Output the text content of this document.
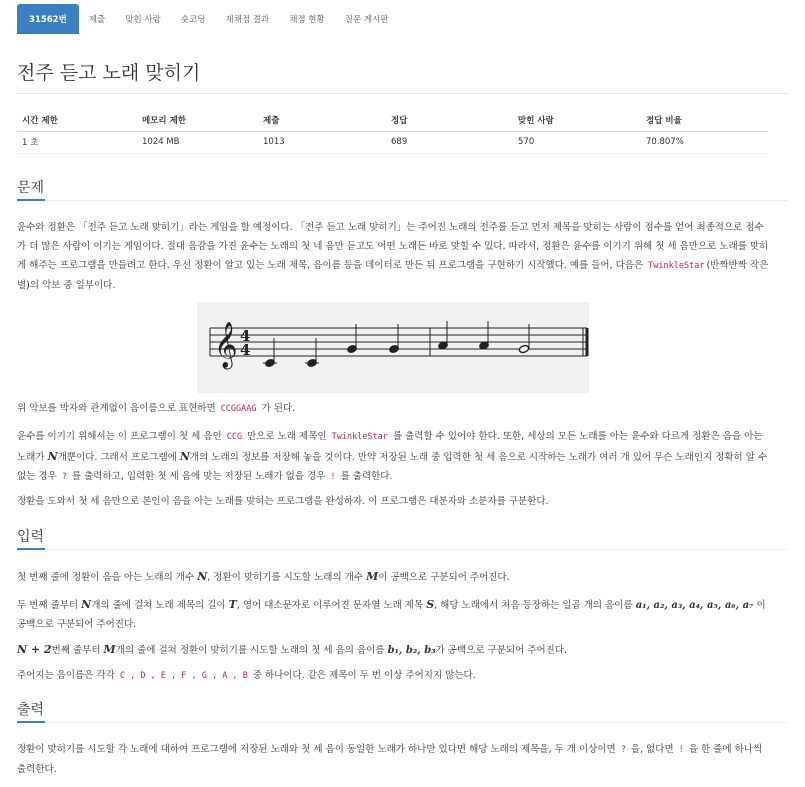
31562번	제출	맞힌 사람	숏코딩	재채점 결과	채점 현황	질문 게시판
전주 듣고 노래 맞히기
시간 제한	메모리 제한	제출	정답	맞힌 사람	정답 비율
1 초	1024 MB	1013	689	570	70.807%
문제
윤수와 정환은 「전주 듣고 노래 맞히기」라는 게임을 할 예정이다. 「전주 듣고 노래 맞히기」는 주어진 노래의 전주를 듣고 먼저 제목을 맞히는 사람이 점수를 얻어 최종적으로 점수가 더 많은 사람이 이기는 게임이다. 절대 음감을 가진 윤수는 노래의 첫 네 음만 듣고도 어떤 노래든 바로 맞힐 수 있다. 따라서, 정환은 윤수를 이기기 위해 첫 세 음만으로 노래를 맞히게 해주는 프로그램을 만들려고 한다. 우선 정환이 알고 있는 노래 제목, 음이름 등을 데이터로 만든 뒤 프로그램을 구현하기 시작했다. 예를 들어, 다음은 TwinkleStar (반짝반짝 작은 별)의 악보 중 일부이다.
𝄞 4
4
위 악보를 박자와 관계없이 음이름으로 표현하면 CCGGAAG 가 된다.
윤수를 이기기 위해서는 이 프로그램이 첫 세 음인 CCG 만으로 노래 제목인 TwinkleStar 를 출력할 수 있어야 한다. 또한, 세상의 모든 노래를 아는 윤수와 다르게 정환은 음을 아는 노래가 N개뿐이다. 그래서 프로그램에 N개의 노래의 정보를 저장해 놓을 것이다. 만약 저장된 노래 중 입력한 첫 세 음으로 시작하는 노래가 여러 개 있어 무슨 노래인지 정확히 알 수 없는 경우 ? 를 출력하고, 입력한 첫 세 음에 맞는 저장된 노래가 없을 경우 ! 를 출력한다.
정환을 도와서 첫 세 음만으로 본인이 음을 아는 노래를 맞히는 프로그램을 완성하자. 이 프로그램은 대분자와 소분자를 구분한다.
입력
첫 번째 줄에 정환이 음을 아는 노래의 개수 N, 정환이 맞히기를 시도할 노래의 개수 M이 공백으로 구분되어 주어진다.
두 번째 줄부터 N개의 줄에 걸쳐 노래 제목의 길이 T, 영어 대소문자로 이루어진 문자열 노래 제목 S, 해당 노래에서 처음 등장하는 일곱 개의 음이름 a₁, a₂, a₃, a₄, a₅, a₆, a₇ 이 공백으로 구분되어 주어진다.
N + 2번째 줄부터 M개의 줄에 걸쳐 정환이 맞히기를 시도할 노래의 첫 세 음의 음이름 b₁, b₂, b₃가 공백으로 구분되어 주어진다.
주어지는 음이름은 각각 C , D , E , F , G , A , B 중 하나이다. 같은 제목이 두 번 이상 주어지지 않는다.
출력
정환이 맞히기를 시도할 각 노래에 대하여 프로그램에 저장된 노래와 첫 세 음이 동일한 노래가 하나만 있다면 해당 노래의 제목을, 두 개 이상이면 ? 을, 없다면 ! 을 한 줄에 하나씩 출력한다.
